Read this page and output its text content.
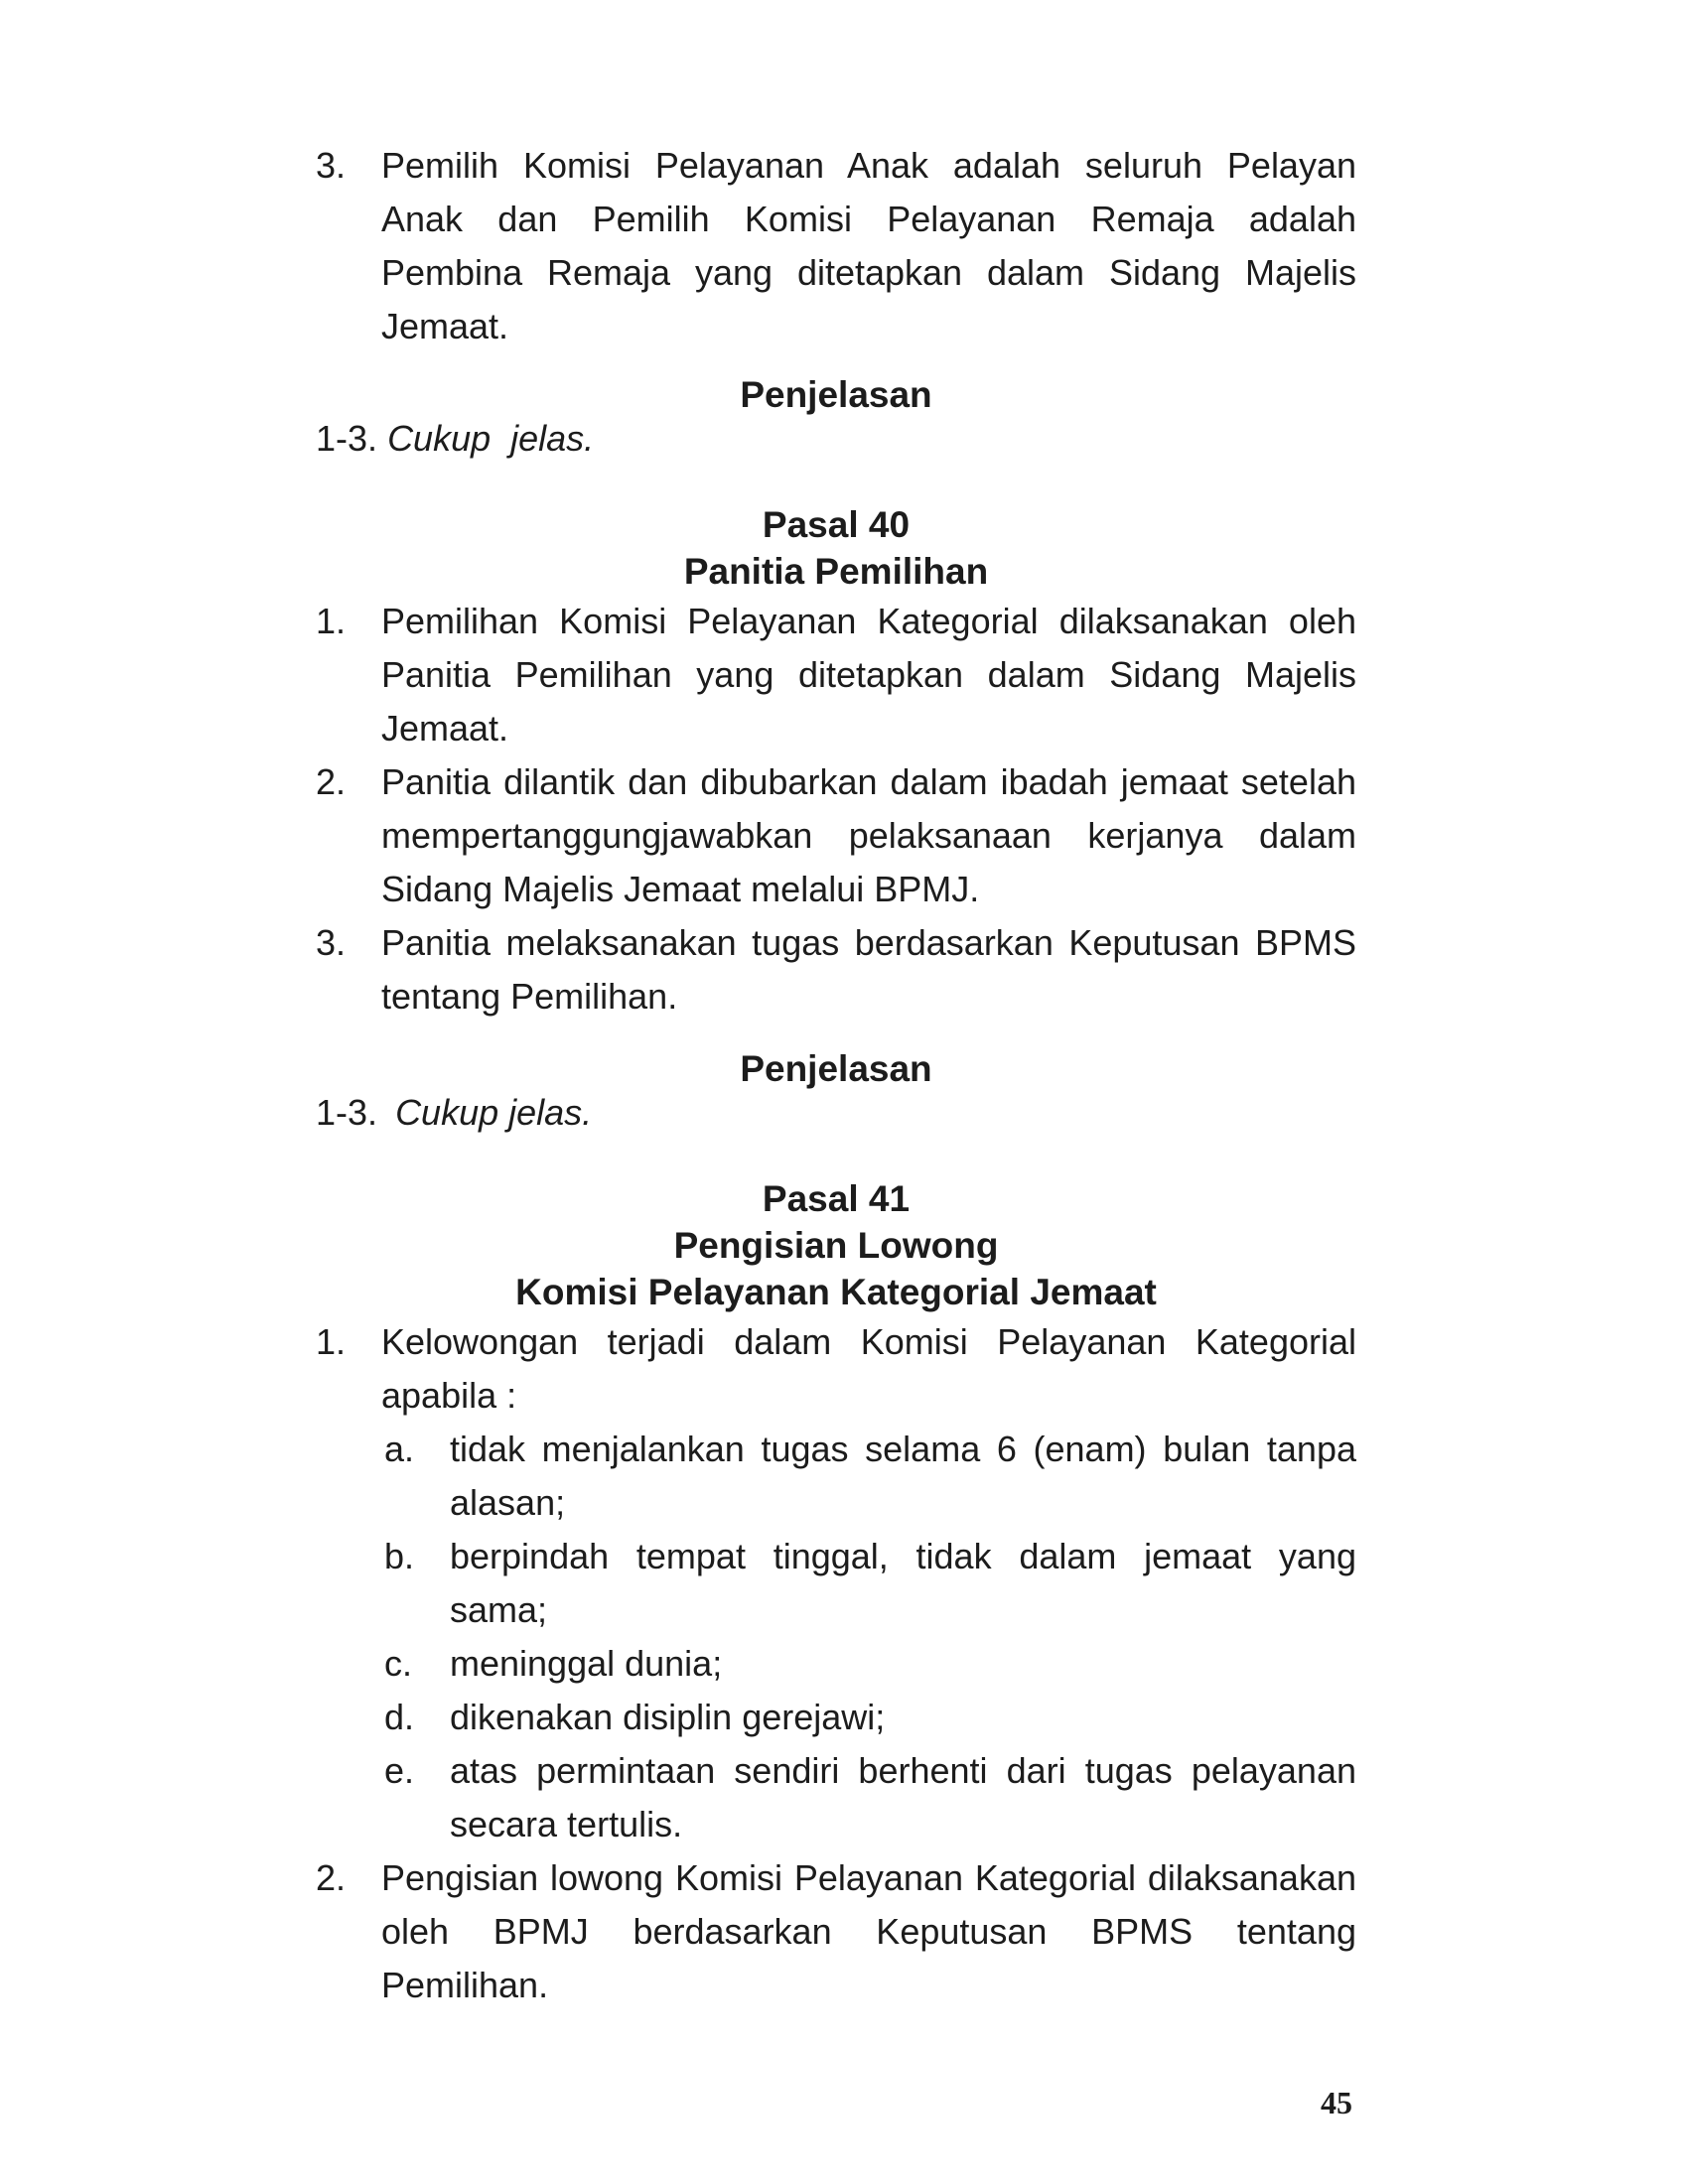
3. Pemilih Komisi Pelayanan Anak adalah seluruh Pelayan Anak dan Pemilih Komisi Pelayanan Remaja adalah Pembina Remaja yang ditetapkan dalam Sidang Majelis Jemaat.
Penjelasan
1-3. Cukup  jelas.
Pasal 40
Panitia Pemilihan
1. Pemilihan Komisi Pelayanan Kategorial dilaksanakan oleh Panitia Pemilihan yang ditetapkan dalam Sidang Majelis Jemaat.
2. Panitia dilantik dan dibubarkan dalam ibadah jemaat setelah mempertanggungjawabkan pelaksanaan kerjanya dalam Sidang Majelis Jemaat melalui BPMJ.
3. Panitia melaksanakan tugas berdasarkan Keputusan BPMS tentang Pemilihan.
Penjelasan
1-3. Cukup jelas.
Pasal 41
Pengisian Lowong
Komisi Pelayanan Kategorial Jemaat
1. Kelowongan terjadi dalam Komisi Pelayanan Kategorial apabila :
a. tidak menjalankan tugas selama 6 (enam) bulan tanpa alasan;
b. berpindah tempat tinggal, tidak dalam jemaat yang sama;
c. meninggal dunia;
d. dikenakan disiplin gerejawi;
e. atas permintaan sendiri berhenti dari tugas pelayanan secara tertulis.
2. Pengisian lowong Komisi Pelayanan Kategorial dilaksanakan oleh BPMJ berdasarkan Keputusan BPMS tentang Pemilihan.
45
